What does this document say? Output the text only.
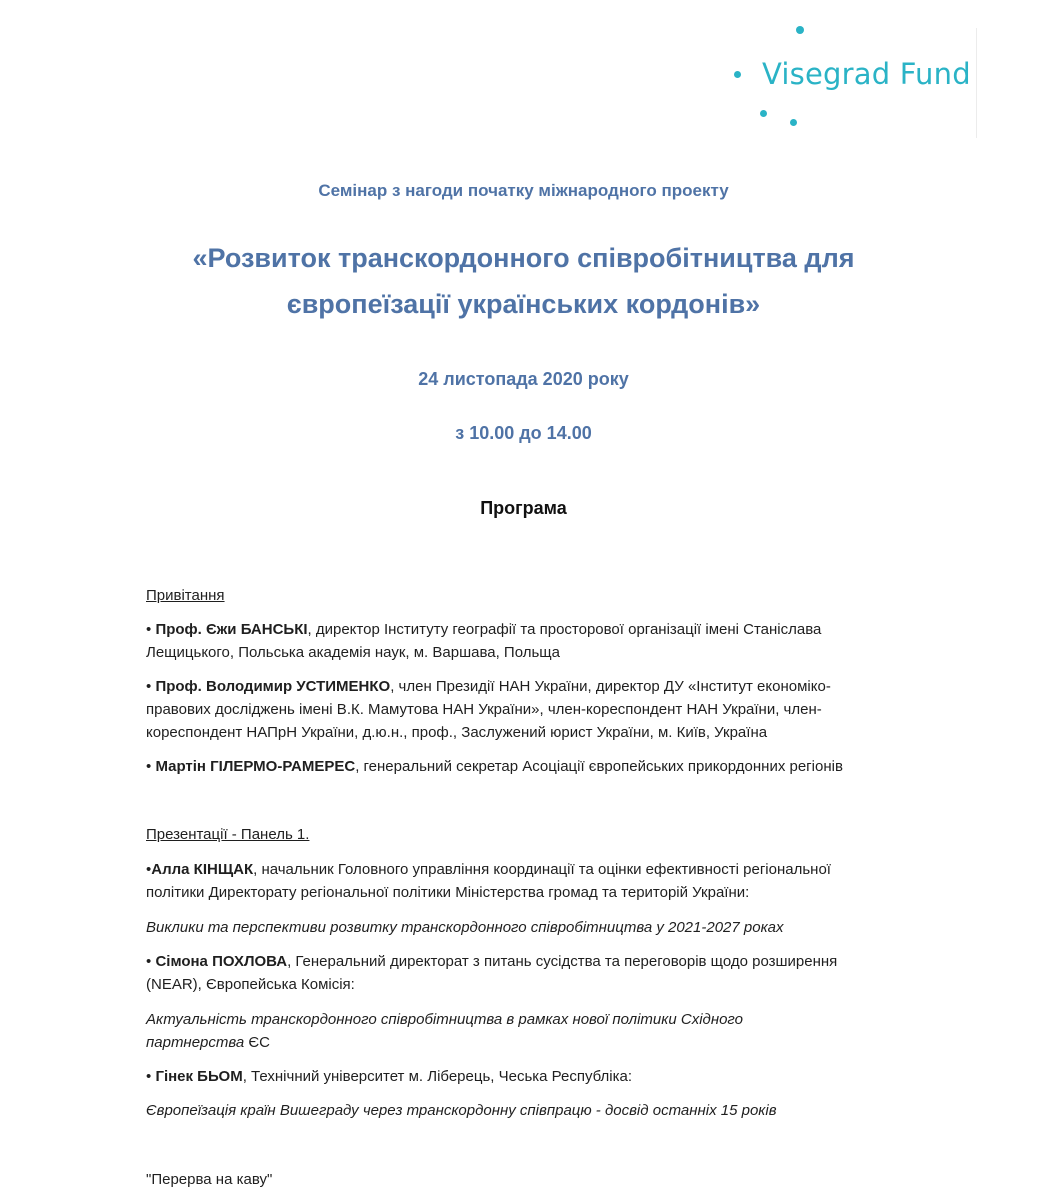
Visegrad Fund

Семінар з нагоди початку міжнародного проекту

«Розвиток транскордонного співробітництва для
європеїзації українських кордонів»

24 листопада 2020 року

з 10.00 до 14.00

Програма

Привітання

• Проф. Єжи БАНСЬКІ, директор Інституту географії та просторової організації імені Станіслава

Лещицького, Польська академія наук, м. Варшава, Польща

• Проф. Володимир УСТИМЕНКО, член Президії НАН України, директор ДУ «Інститут економіко-

правових досліджень імені В.К. Мамутова НАН України», член-кореспондент НАН України, член-

кореспондент НАПрН України, д.ю.н., проф., Заслужений юрист України, м. Київ, Україна

• Мартін ГІЛЕРМО-РАМЕРЕС, генеральний секретар Асоціації європейських прикордонних регіонів

Презентації - Панель 1.

•Алла КІНЩАК, начальник Головного управління координації та оцінки ефективності регіональної

політики Директорату регіональної політики Міністерства громад та територій України:

Виклики та перспективи розвитку транскордонного співробітництва у 2021-2027 роках

• Сімона ПОХЛОВА, Генеральний директорат з питань сусідства та переговорів щодо розширення

(NEAR), Європейська Комісія:

Актуальність транскордонного співробітництва в рамках нової політики Східного

партнерства ЄС

• Гінек БЬОМ, Технічний університет м. Ліберець, Чеська Республіка:

Європеїзація країн Вишеграду через транскордонну співпрацю - досвід останніх 15 років

"Перерва на каву"
